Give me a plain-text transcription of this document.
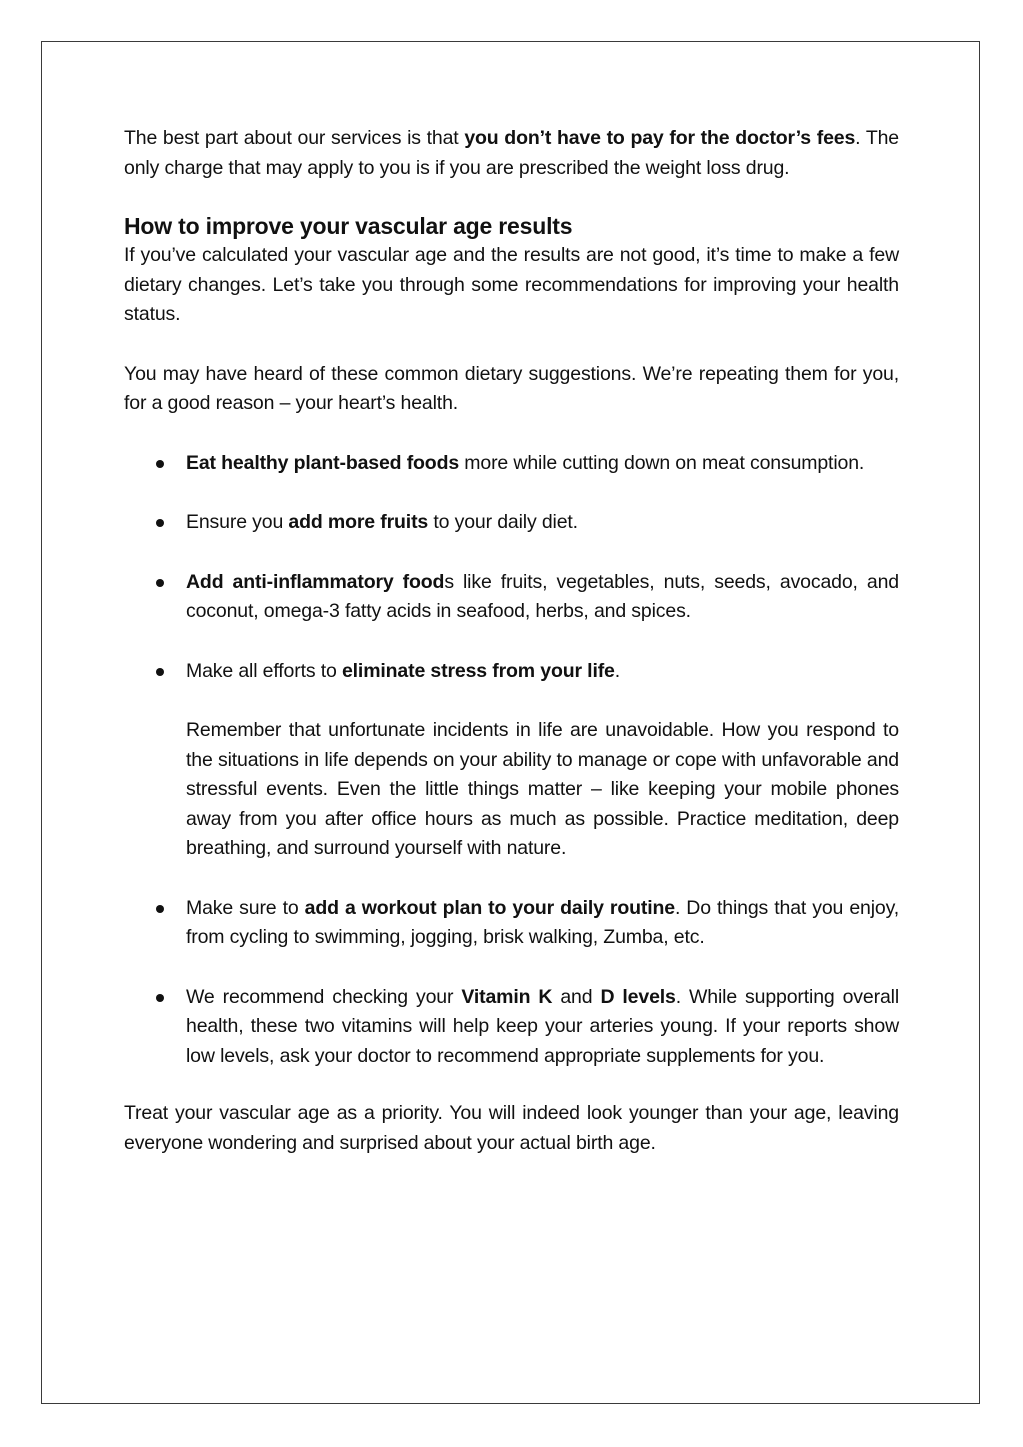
The best part about our services is that you don’t have to pay for the doctor’s fees. The only charge that may apply to you is if you are prescribed the weight loss drug.

How to improve your vascular age results

If you’ve calculated your vascular age and the results are not good, it’s time to make a few dietary changes. Let’s take you through some recommendations for improving your health status.

You may have heard of these common dietary suggestions. We’re repeating them for you, for a good reason – your heart’s health.

Eat healthy plant-based foods more while cutting down on meat consumption.
Ensure you add more fruits to your daily diet.
Add anti-inflammatory foods like fruits, vegetables, nuts, seeds, avocado, and coconut, omega-3 fatty acids in seafood, herbs, and spices.
Make all efforts to eliminate stress from your life.
Remember that unfortunate incidents in life are unavoidable. How you respond to the situations in life depends on your ability to manage or cope with unfavorable and stressful events. Even the little things matter – like keeping your mobile phones away from you after office hours as much as possible. Practice meditation, deep breathing, and surround yourself with nature.
Make sure to add a workout plan to your daily routine. Do things that you enjoy, from cycling to swimming, jogging, brisk walking, Zumba, etc.
We recommend checking your Vitamin K and D levels. While supporting overall health, these two vitamins will help keep your arteries young. If your reports show low levels, ask your doctor to recommend appropriate supplements for you.

Treat your vascular age as a priority. You will indeed look younger than your age, leaving everyone wondering and surprised about your actual birth age.
